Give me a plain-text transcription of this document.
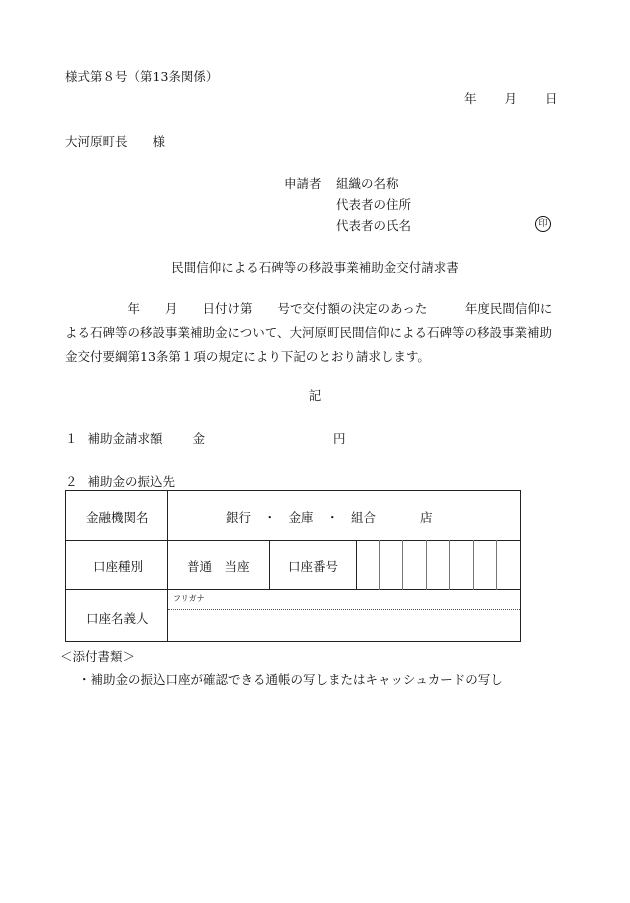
様式第８号（第13条関係）
年 月 日
大河原町長　　様
申請者	組織の名称
代表者の住所
代表者の氏名	印
民間信仰による石碑等の移設事業補助金交付請求書

　　　　　年　　月　　日付け第　　号で交付額の決定のあった　　　年度民間信仰に

よる石碑等の移設事業補助金について、大河原町民間信仰による石碑等の移設事業補助

金交付要綱第13条第１項の規定により下記のとおり請求します。

記
１ 補助金請求額 金	円
２ 補助金の振込先
金融機関名	銀行　・　金庫　・　組合	店
口座種別	普通　当座	口座番号
口座名義人
フリガナ
＜添付書類＞
・補助金の振込口座が確認できる通帳の写しまたはキャッシュカードの写し
